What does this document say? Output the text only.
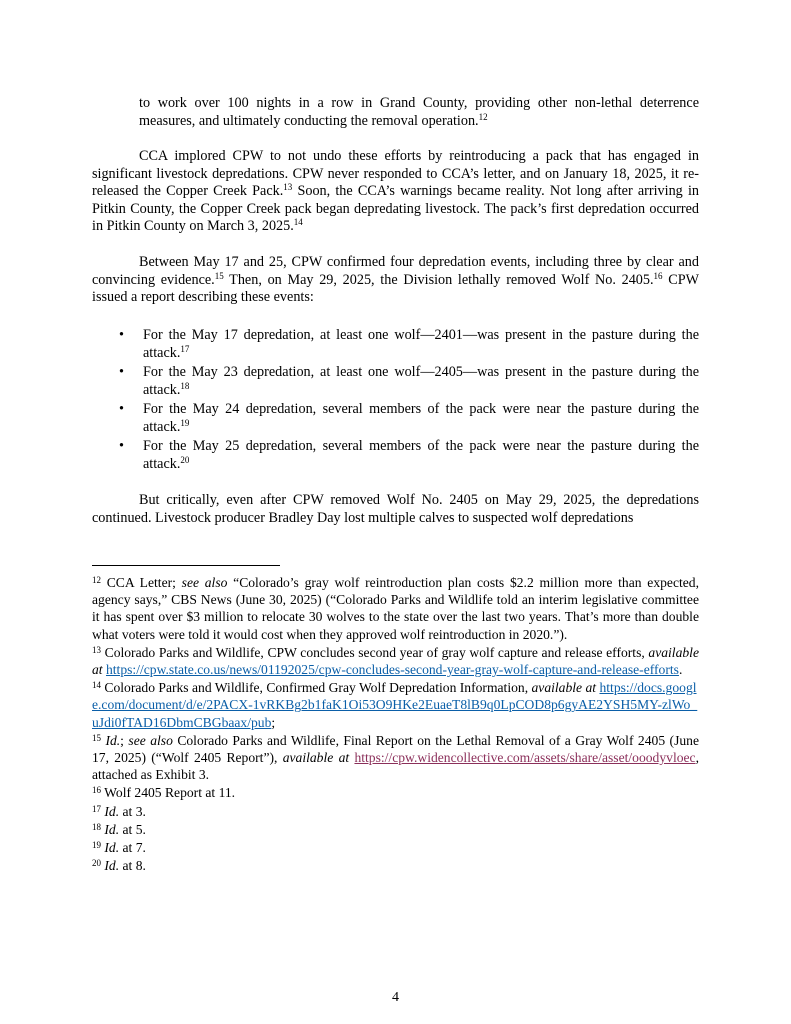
to work over 100 nights in a row in Grand County, providing other non-lethal deterrence measures, and ultimately conducting the removal operation.$^{12}$

CCA implored CPW to not undo these efforts by reintroducing a pack that has engaged in significant livestock depredations. CPW never responded to CCA’s letter, and on January 18, 2025, it re-released the Copper Creek Pack.$^{13}$ Soon, the CCA’s warnings became reality. Not long after arriving in Pitkin County, the Copper Creek pack began depredating livestock. The pack’s first depredation occurred in Pitkin County on March 3, 2025.14

Between May 17 and 25, CPW confirmed four depredation events, including three by clear and convincing evidence.$^{15}$ Then, on May 29, 2025, the Division lethally removed Wolf No. 2405.16 CPW issued a report describing these events:

• For the May 17 depredation, at least one wolf—2401—was present in the pasture during the attack.$^{17}$
• For the May 23 depredation, at least one wolf—2405—was present in the pasture during the attack.$^{18}$
• For the May 24 depredation, several members of the pack were near the pasture during the attack.$^{19}$
• For the May 25 depredation, several members of the pack were near the pasture during the attack.$^{20}$

But critically, even after CPW removed Wolf No. 2405 on May 29, 2025, the depredations continued. Livestock producer Bradley Day lost multiple calves to suspected wolf depredations

$^{12}$ CCA Letter; see also “Colorado’s gray wolf reintroduction plan costs $2.2 million more than expected, agency says,” CBS News (June 30, 2025) (“Colorado Parks and Wildlife told an interim legislative committee it has spent over $3 million to relocate 30 wolves to the state over the last two years. That’s more than double what voters were told it would cost when they approved wolf reintroduction in 2020.”).

$^{13}$ Colorado Parks and Wildlife, CPW concludes second year of gray wolf capture and release efforts, available at https://cpw.state.co.us/news/01192025/cpw-concludes-second-year-gray-wolf-capture-and-release-efforts.

$^{14}$ Colorado Parks and Wildlife, Confirmed Gray Wolf Depredation Information, available at https://docs.google.com/document/d/e/2PACX-1vRKBg2b1faK1Oi53O9HKe2EuaeT8lB9q0LpCOD8p6gyAE2YSH5MY-zlWo_uJdi0fTAD16DbmCBGbaax/pub;

$^{15}$ Id.; see also Colorado Parks and Wildlife, Final Report on the Lethal Removal of a Gray Wolf 2405 (June 17, 2025) (“Wolf 2405 Report”), available at https://cpw.widencollective.com/assets/share/asset/ooodyvloec, attached as Exhibit 3.

$^{16}$ Wolf 2405 Report at 11.

$^{17}$ Id. at 3.

$^{18}$ Id. at 5.

$^{19}$ Id. at 7.

$^{20}$ Id. at 8.

4
